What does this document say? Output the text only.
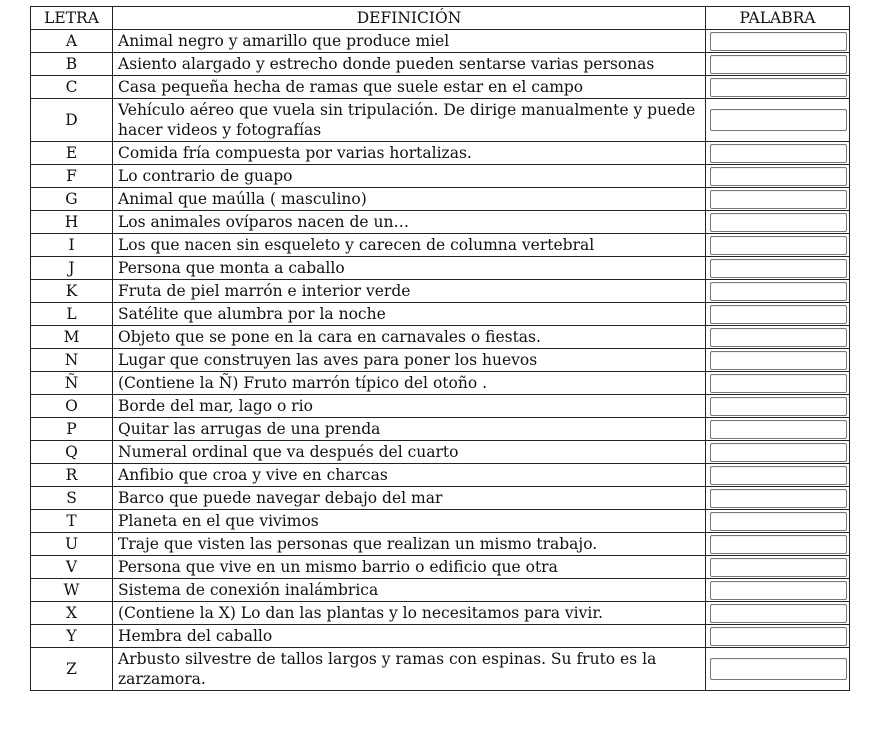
LETRA	DEFINICIÓN	PALABRA
A	Animal negro y amarillo que produce miel	

B	Asiento alargado y estrecho donde pueden sentarse varias personas	

C	Casa pequeña hecha de ramas que suele estar en el campo	

D	Vehículo aéreo que vuela sin tripulación. De dirige manualmente y puede hacer videos y fotografías	

E	Comida fría compuesta por varias hortalizas.	

F	Lo contrario de guapo	

G	Animal que maúlla ( masculino)	

H	Los animales ovíparos nacen de un…	

I	Los que nacen sin esqueleto y carecen de columna vertebral	

J	Persona que monta a caballo	

K	Fruta de piel marrón e interior verde	

L	Satélite que alumbra por la noche	

M	Objeto que se pone en la cara en carnavales o fiestas.	

N	Lugar que construyen las aves para poner los huevos	

Ñ	(Contiene la Ñ) Fruto marrón típico del otoño .	

O	Borde del mar, lago o rio	

P	Quitar las arrugas de una prenda	

Q	Numeral ordinal que va después del cuarto	

R	Anfibio que croa y vive en charcas	

S	Barco que puede navegar debajo del mar	

T	Planeta en el que vivimos	

U	Traje que visten las personas que realizan un mismo trabajo.	

V	Persona que vive en un mismo barrio o edificio que otra	

W	Sistema de conexión inalámbrica	

X	(Contiene la X) Lo dan las plantas y lo necesitamos para vivir.	

Y	Hembra del caballo	

Z	Arbusto silvestre de tallos largos y ramas con espinas. Su fruto es la zarzamora.	
